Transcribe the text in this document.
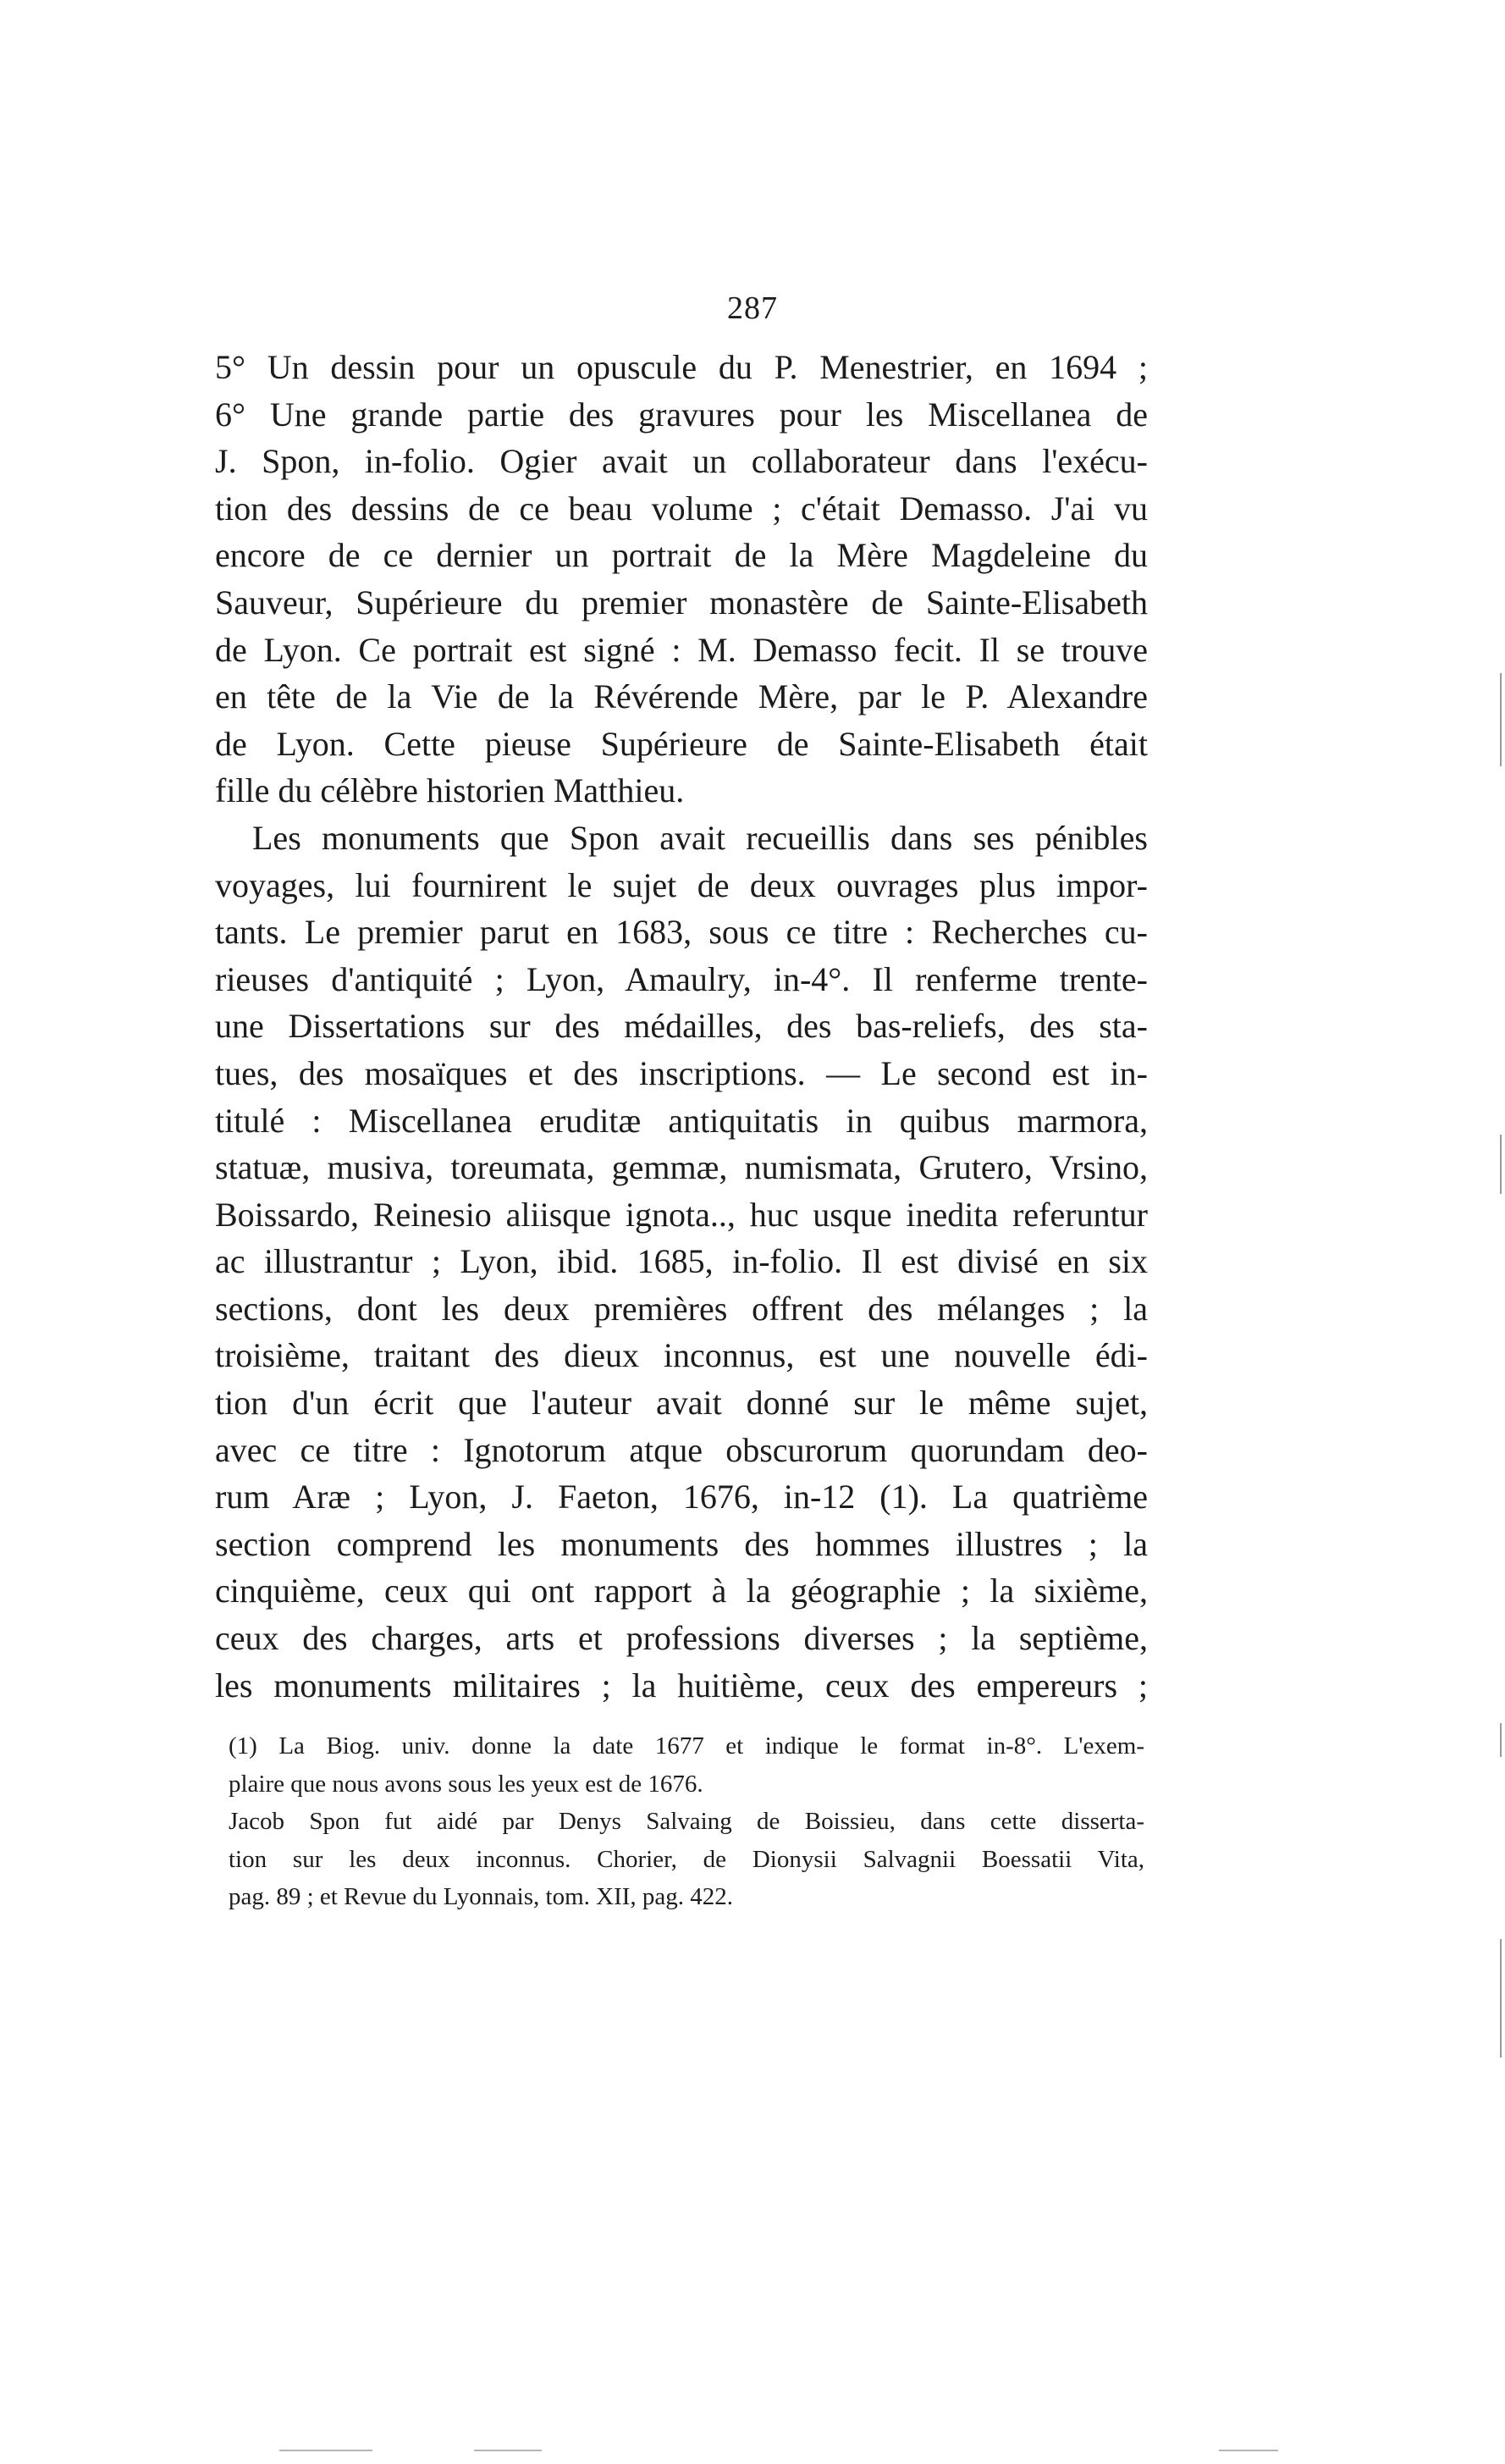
287

5° Un dessin pour un opuscule du P. Menestrier, en 1694 ;
6° Une grande partie des gravures pour les Miscellanea de
J. Spon, in-folio. Ogier avait un collaborateur dans l'exécu-
tion des dessins de ce beau volume ; c'était Demasso. J'ai vu
encore de ce dernier un portrait de la Mère Magdeleine du
Sauveur, Supérieure du premier monastère de Sainte-Elisabeth
de Lyon. Ce portrait est signé : M. Demasso fecit. Il se trouve
en tête de la Vie de la Révérende Mère, par le P. Alexandre
de Lyon. Cette pieuse Supérieure de Sainte-Elisabeth était
fille du célèbre historien Matthieu.

Les monuments que Spon avait recueillis dans ses pénibles
voyages, lui fournirent le sujet de deux ouvrages plus impor-
tants. Le premier parut en 1683, sous ce titre : Recherches cu-
rieuses d'antiquité ; Lyon, Amaulry, in-4°. Il renferme trente-
une Dissertations sur des médailles, des bas-reliefs, des sta-
tues, des mosaïques et des inscriptions. — Le second est in-
titulé : Miscellanea eruditæ antiquitatis in quibus marmora,
statuæ, musiva, toreumata, gemmæ, numismata, Grutero, Vrsino,
Boissardo, Reinesio aliisque ignota.., huc usque inedita referuntur
ac illustrantur ; Lyon, ibid. 1685, in-folio. Il est divisé en six
sections, dont les deux premières offrent des mélanges ; la
troisième, traitant des dieux inconnus, est une nouvelle édi-
tion d'un écrit que l'auteur avait donné sur le même sujet,
avec ce titre : Ignotorum atque obscurorum quorundam deo-
rum Aræ ; Lyon, J. Faeton, 1676, in-12 (1). La quatrième
section comprend les monuments des hommes illustres ; la
cinquième, ceux qui ont rapport à la géographie ; la sixième,
ceux des charges, arts et professions diverses ; la septième,
les monuments militaires ; la huitième, ceux des empereurs ;

(1) La Biog. univ. donne la date 1677 et indique le format in-8°. L'exem-

plaire que nous avons sous les yeux est de 1676.

Jacob Spon fut aidé par Denys Salvaing de Boissieu, dans cette disserta-

tion sur les deux inconnus. Chorier, de Dionysii Salvagnii Boessatii Vita,

pag. 89 ; et Revue du Lyonnais, tom. XII, pag. 422.
